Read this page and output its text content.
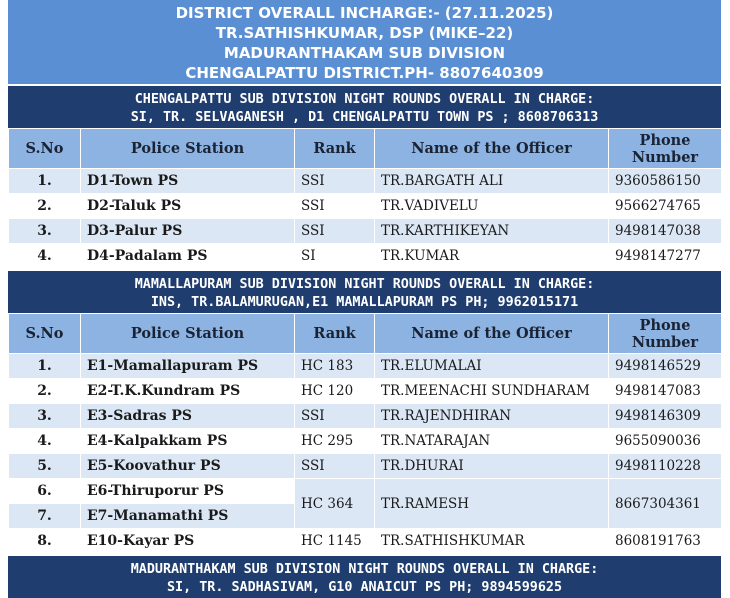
DISTRICT OVERALL INCHARGE:- (27.11.2025)
TR.SATHISHKUMAR, DSP (MIKE–22)
MADURANTHAKAM SUB DIVISION
CHENGALPATTU DISTRICT.PH- 8807640309
CHENGALPATTU SUB DIVISION NIGHT ROUNDS OVERALL IN CHARGE:
SI, TR. SELVAGANESH , D1 CHENGALPATTU TOWN PS ; 8608706313
S.No	Police Station	Rank	Name of the Officer	Phone
Number
1.	D1-Town PS	SSI	TR.BARGATH ALI	9360586150
2.	D2-Taluk PS	SSI	TR.VADIVELU	9566274765
3.	D3-Palur PS	SSI	TR.KARTHIKEYAN	9498147038
4.	D4-Padalam PS	SI	TR.KUMAR	9498147277
MAMALLAPURAM SUB DIVISION NIGHT ROUNDS OVERALL IN CHARGE:
INS, TR.BALAMURUGAN,E1 MAMALLAPURAM PS PH; 9962015171
S.No	Police Station	Rank	Name of the Officer	Phone
Number
1.	E1-Mamallapuram PS	HC 183	TR.ELUMALAI	9498146529
2.	E2-T.K.Kundram PS	HC 120	TR.MEENACHI SUNDHARAM	9498147083
3.	E3-Sadras PS	SSI	TR.RAJENDHIRAN	9498146309
4.	E4-Kalpakkam PS	HC 295	TR.NATARAJAN	9655090036
5.	E5-Koovathur PS	SSI	TR.DHURAI	9498110228
6.	E6-Thiruporur PS	HC 364	TR.RAMESH	8667304361
7.	E7-Manamathi PS			
8.	E10-Kayar PS	HC 1145	TR.SATHISHKUMAR	8608191763
MADURANTHAKAM SUB DIVISION NIGHT ROUNDS OVERALL IN CHARGE:
SI, TR. SADHASIVAM, G10 ANAICUT PS PH; 9894599625
